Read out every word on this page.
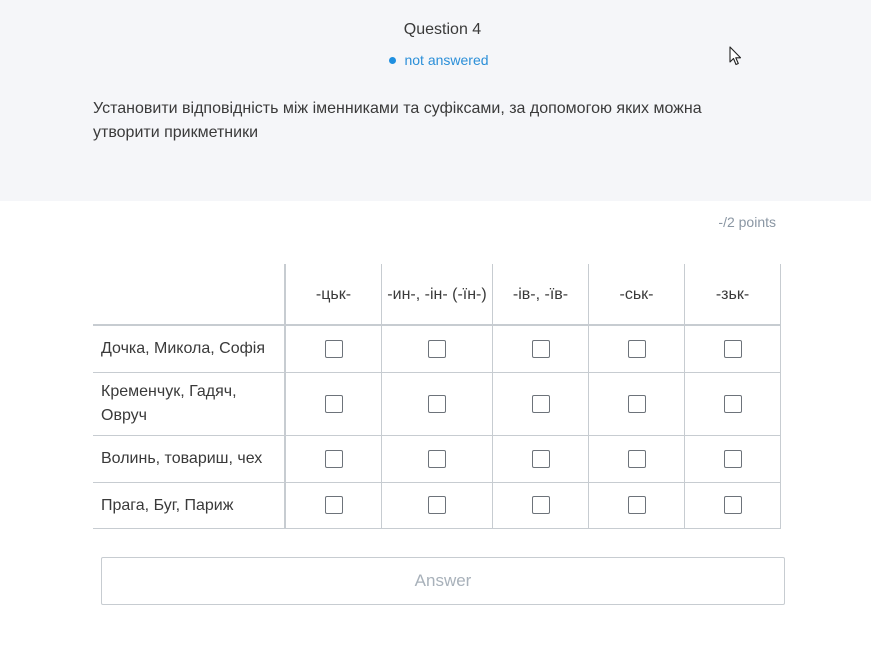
Question 4
not answered
Установити відповідність між іменниками та суфіксами, за допомогою яких можна утворити прикметники
-/2 points
	-цьк-	-ин-, -ін- (-їн-)	-ів-, -їв-	-ськ-	-зьк-
Дочка, Микола, Софія					
Кременчук, Гадяч, Овруч					
Волинь, товариш, чех					
Прага, Буг, Париж					
Answer
